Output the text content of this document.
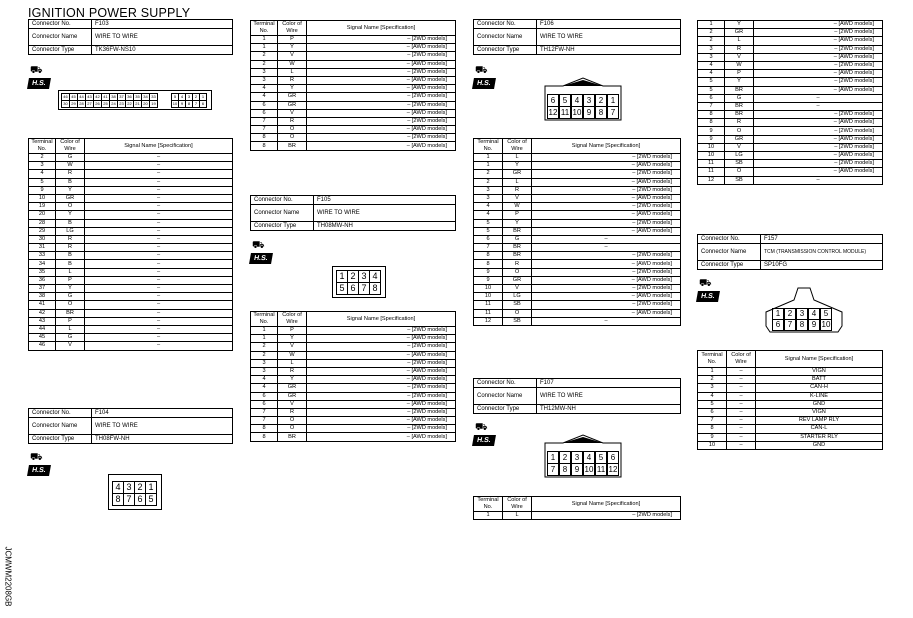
IGNITION POWER SUPPLY
JCMWM2208GB
Connector No.	F103
Connector Name	WIRE TO WIRE
Connector Type	TK36FW-NS10
⛟
H.S.
46 45 44 43 42 41 38 37 36 35 34 33
30 29 28 27 26 25 24 23 22 21 20 19
5	4	3	2	1
10 9	8	7	6
Terminal No.	Color of Wire	Signal Name [Specification]
2	G	–
3	W	–
4	R	–
5	B	–
9	Y	–
10	GR	–
19	O	–
20	Y	–
28	B	–
29	LG	–
30	R	–
31	R	–
33	B	–
34	B	–
35	L	–
36	P	–
37	Y	–
38	G	–
41	O	–
42	BR	–
43	P	–
44	L	–
45	G	–
46	V	–
Connector No.	F104
Connector Name	WIRE TO WIRE
Connector Type	TH08FW-NH
⛟
H.S.
4 3 2 1
8 7 6 5
Terminal No.	Color of Wire	Signal Name [Specification]
1	P	– [2WD models]
1	Y	– [AWD models]
2	V	– [2WD models]
2	W	– [AWD models]
3	L	– [2WD models]
3	R	– [AWD models]
4	Y	– [AWD models]
4	GR	– [2WD models]
6	GR	– [2WD models]
6	V	– [AWD models]
7	R	– [2WD models]
7	O	– [AWD models]
8	O	– [2WD models]
8	BR	– [AWD models]
Connector No.	F105
Connector Name	WIRE TO WIRE
Connector Type	TH08MW-NH
⛟
H.S.
1 2 3 4
5 6 7 8
Terminal No.	Color of Wire	Signal Name [Specification]
1	P	– [2WD models]
1	Y	– [AWD models]
2	V	– [2WD models]
2	W	– [AWD models]
3	L	– [2WD models]
3	R	– [AWD models]
4	Y	– [AWD models]
4	GR	– [2WD models]
6	GR	– [2WD models]
6	V	– [AWD models]
7	R	– [2WD models]
7	O	– [AWD models]
8	O	– [2WD models]
8	BR	– [AWD models]
Connector No.	F106
Connector Name	WIRE TO WIRE
Connector Type	TH12FW-NH
⛟
H.S.
6 5 4 3 2 1
12 11 10 9 8 7
Terminal No.	Color of Wire	Signal Name [Specification]
1	L	– [2WD models]
1	Y	– [AWD models]
2	GR	– [2WD models]
2	L	– [AWD models]
3	R	– [2WD models]
3	V	– [AWD models]
4	W	– [2WD models]
4	P	– [AWD models]
5	Y	– [2WD models]
5	BR	– [AWD models]
6	G	–
7	BR	–
8	BR	– [2WD models]
8	R	– [AWD models]
9	O	– [2WD models]
9	GR	– [AWD models]
10	V	– [2WD models]
10	LG	– [AWD models]
11	SB	– [2WD models]
11	O	– [AWD models]
12	SB	–
Connector No.	F107
Connector Name	WIRE TO WIRE
Connector Type	TH12MW-NH
⛟
H.S.
1 2 3 4 5 6
7 8 9 10 11 12
Terminal No.	Color of Wire	Signal Name [Specification]
1	L	– [2WD models]
1	Y	– [AWD models]
2	GR	– [2WD models]
2	L	– [AWD models]
3	R	– [2WD models]
3	V	– [AWD models]
4	W	– [2WD models]
4	P	– [AWD models]
5	Y	– [2WD models]
5	BR	– [AWD models]
6	G	–
7	BR	–
8	BR	– [2WD models]
8	R	– [AWD models]
9	O	– [2WD models]
9	GR	– [AWD models]
10	V	– [2WD models]
10	LG	– [AWD models]
11	SB	– [2WD models]
11	O	– [AWD models]
12	SB	–
Connector No.	F157
Connector Name	TCM (TRANSMISSION CONTROL MODULE)
Connector Type	SP10FG
⛟
H.S.
1 2 3 4 5
6 7 8 9 10
Terminal No.	Color of Wire	Signal Name [Specification]
1	–	VIGN
2	–	BATT
3	–	CAN-H
4	–	K-LINE
5	–	GND
6	–	VIGN
7	–	REV LAMP RLY
8	–	CAN-L
9	–	STARTER RLY
10	–	GND
